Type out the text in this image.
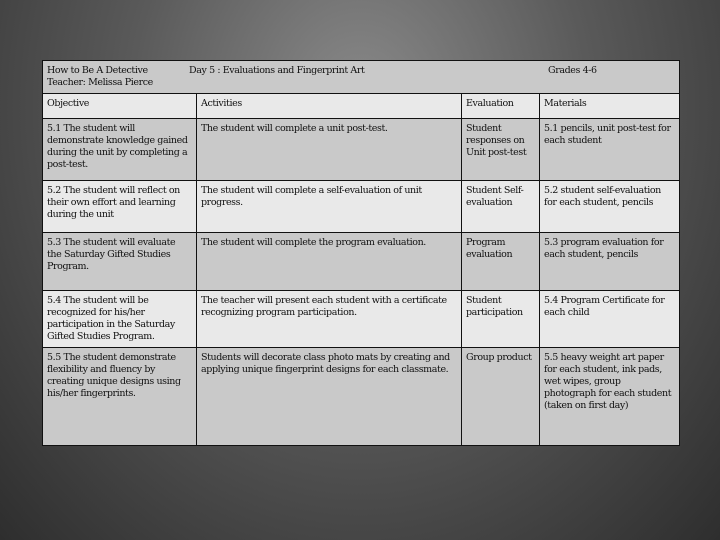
How to Be A Detective
Teacher: Melissa Pierce
Day 5 : Evaluations and Fingerprint Art Grades 4-6			

Objective	Activities	Evaluation	Materials
5.1 The student will demonstrate knowledge gained during the unit by completing a post-test.	The student will complete a unit post-test.	Student responses on Unit post-test	5.1 pencils, unit post-test for each student
5.2 The student will reflect on their own effort and learning during the unit	The student will complete a self-evaluation of unit progress.	Student Self-evaluation	5.2 student self-evaluation for each student, pencils
5.3 The student will evaluate the Saturday Gifted Studies Program.	The student will complete the program evaluation.	Program evaluation	5.3 program evaluation for each student, pencils
5.4 The student will be recognized for his/her participation in the Saturday Gifted Studies Program.	The teacher will present each student with a certificate recognizing program participation.	Student participation	5.4 Program Certificate for each child
5.5 The student demonstrate flexibility and fluency by creating unique designs using his/her fingerprints.	Students will decorate class photo mats by creating and applying unique fingerprint designs for each classmate.	Group product	5.5 heavy weight art paper for each student, ink pads, wet wipes, group photograph for each student (taken on first day)
